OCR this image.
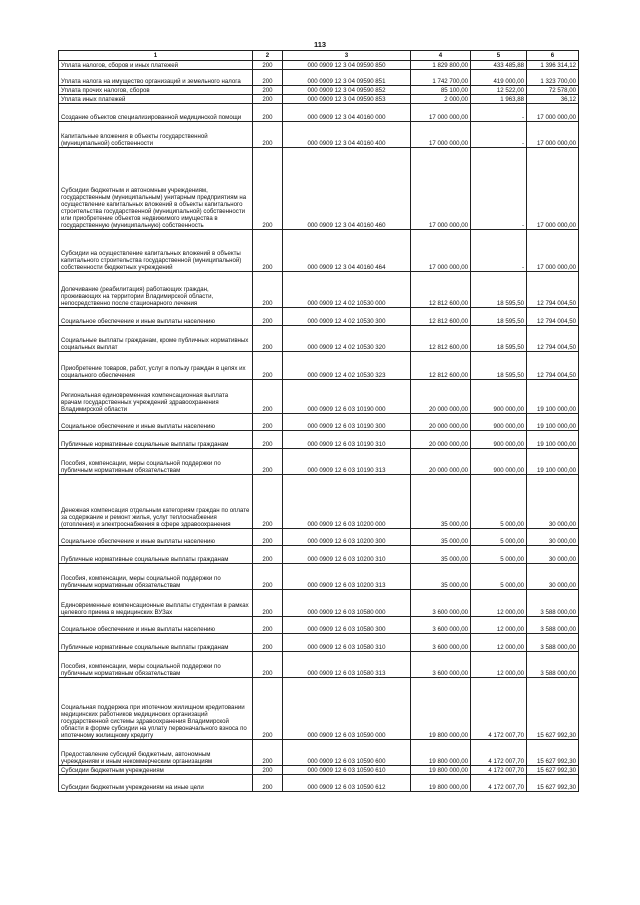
113
1	2	3	4	5	6
Уплата налогов, сборов и иных платежей	200	000 0909 12 3 04 09590 850	1 829 800,00	433 485,88	1 396 314,12
Уплата налога на имущество организаций и земельного налога	200	000 0909 12 3 04 09590 851	1 742 700,00	419 000,00	1 323 700,00
Уплата прочих налогов, сборов	200	000 0909 12 3 04 09590 852	85 100,00	12 522,00	72 578,00
Уплата иных платежей	200	000 0909 12 3 04 09590 853	2 000,00	1 963,88	36,12
Создание объектов специализированной медицинской помощи	200	000 0909 12 3 04 40160 000	17 000 000,00	-	17 000 000,00
Капитальные вложения в объекты государственной (муниципальной) собственности	200	000 0909 12 3 04 40160 400	17 000 000,00	-	17 000 000,00
Субсидии бюджетным и автономным учреждениям, государственным (муниципальным) унитарным предприятиям на осуществление капитальных вложений в объекты капитального строительства государственной (муниципальной) собственности или приобретение объектов недвижимого имущества в государственную (муниципальную) собственность	200	000 0909 12 3 04 40160 460	17 000 000,00	-	17 000 000,00
Субсидии на осуществление капитальных вложений в объекты капитального строительства государственной (муниципальной) собственности бюджетных учреждений	200	000 0909 12 3 04 40160 464	17 000 000,00	-	17 000 000,00
Долечивание (реабилитация) работающих граждан, проживающих на территории Владимирской области, непосредственно после стационарного лечения	200	000 0909 12 4 02 10530 000	12 812 600,00	18 595,50	12 794 004,50
Социальное обеспечение и иные выплаты населению	200	000 0909 12 4 02 10530 300	12 812 600,00	18 595,50	12 794 004,50
Социальные выплаты гражданам, кроме публичных нормативных социальных выплат	200	000 0909 12 4 02 10530 320	12 812 600,00	18 595,50	12 794 004,50
Приобретение товаров, работ, услуг в пользу граждан в целях их социального обеспечения	200	000 0909 12 4 02 10530 323	12 812 600,00	18 595,50	12 794 004,50
Региональная единовременная компенсационная выплата врачам государственных учреждений здравоохранения Владимирской области	200	000 0909 12 6 03 10190 000	20 000 000,00	900 000,00	19 100 000,00
Социальное обеспечение и иные выплаты населению	200	000 0909 12 6 03 10190 300	20 000 000,00	900 000,00	19 100 000,00
Публичные нормативные социальные выплаты гражданам	200	000 0909 12 6 03 10190 310	20 000 000,00	900 000,00	19 100 000,00
Пособия, компенсации, меры социальной поддержки по публичным нормативным обязательствам	200	000 0909 12 6 03 10190 313	20 000 000,00	900 000,00	19 100 000,00
Денежная компенсация отдельным категориям граждан по оплате за содержание и ремонт жилья, услуг теплоснабжения (отопления) и электроснабжения в сфере здравоохранения	200	000 0909 12 6 03 10200 000	35 000,00	5 000,00	30 000,00
Социальное обеспечение и иные выплаты населению	200	000 0909 12 6 03 10200 300	35 000,00	5 000,00	30 000,00
Публичные нормативные социальные выплаты гражданам	200	000 0909 12 6 03 10200 310	35 000,00	5 000,00	30 000,00
Пособия, компенсации, меры социальной поддержки по публичным нормативным обязательствам	200	000 0909 12 6 03 10200 313	35 000,00	5 000,00	30 000,00
Единовременные компенсационные выплаты студентам в рамках целевого приема в медицинских ВУЗах	200	000 0909 12 6 03 10580 000	3 600 000,00	12 000,00	3 588 000,00
Социальное обеспечение и иные выплаты населению	200	000 0909 12 6 03 10580 300	3 600 000,00	12 000,00	3 588 000,00
Публичные нормативные социальные выплаты гражданам	200	000 0909 12 6 03 10580 310	3 600 000,00	12 000,00	3 588 000,00
Пособия, компенсации, меры социальной поддержки по публичным нормативным обязательствам	200	000 0909 12 6 03 10580 313	3 600 000,00	12 000,00	3 588 000,00
Социальная поддержка при ипотечном жилищном кредитовании медицинских работников медицинских организаций государственной системы здравоохранения Владимирской области в форме субсидии на уплату первоначального взноса по ипотечному жилищному кредиту	200	000 0909 12 6 03 10590 000	19 800 000,00	4 172 007,70	15 627 992,30
Предоставление субсидий бюджетным, автономным учреждениям и иным некоммерческим организациям	200	000 0909 12 6 03 10590 600	19 800 000,00	4 172 007,70	15 627 992,30
Субсидии бюджетным учреждениям	200	000 0909 12 6 03 10590 610	19 800 000,00	4 172 007,70	15 627 992,30
Субсидии бюджетным учреждениям на иные цели	200	000 0909 12 6 03 10590 612	19 800 000,00	4 172 007,70	15 627 992,30
